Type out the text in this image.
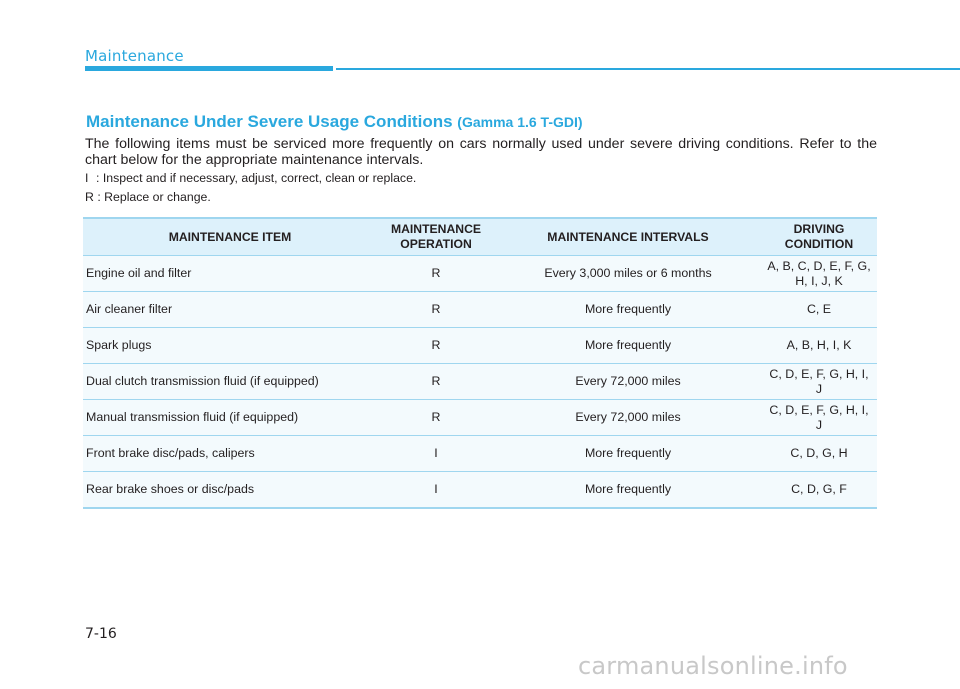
Maintenance
Maintenance Under Severe Usage Conditions (Gamma 1.6 T-GDI)

The following items must be serviced more frequently on cars normally used under severe driving conditions. Refer to the chart below for the appropriate maintenance intervals.

I : Inspect and if necessary, adjust, correct, clean or replace.

R : Replace or change.

MAINTENANCE ITEM	MAINTENANCE OPERATION	MAINTENANCE INTERVALS	DRIVING CONDITION
Engine oil and filter	R	Every 3,000 miles or 6 months	A, B, C, D, E, F, G, H, I, J, K
Air cleaner filter	R	More frequently	C, E
Spark plugs	R	More frequently	A, B, H, I, K
Dual clutch transmission fluid (if equipped)	R	Every 72,000 miles	C, D, E, F, G, H, I, J
Manual transmission fluid (if equipped)	R	Every 72,000 miles	C, D, E, F, G, H, I, J
Front brake disc/pads, calipers	I	More frequently	C, D, G, H
Rear brake shoes or disc/pads	I	More frequently	C, D, G, F
7-16
carmanualsonline.info
